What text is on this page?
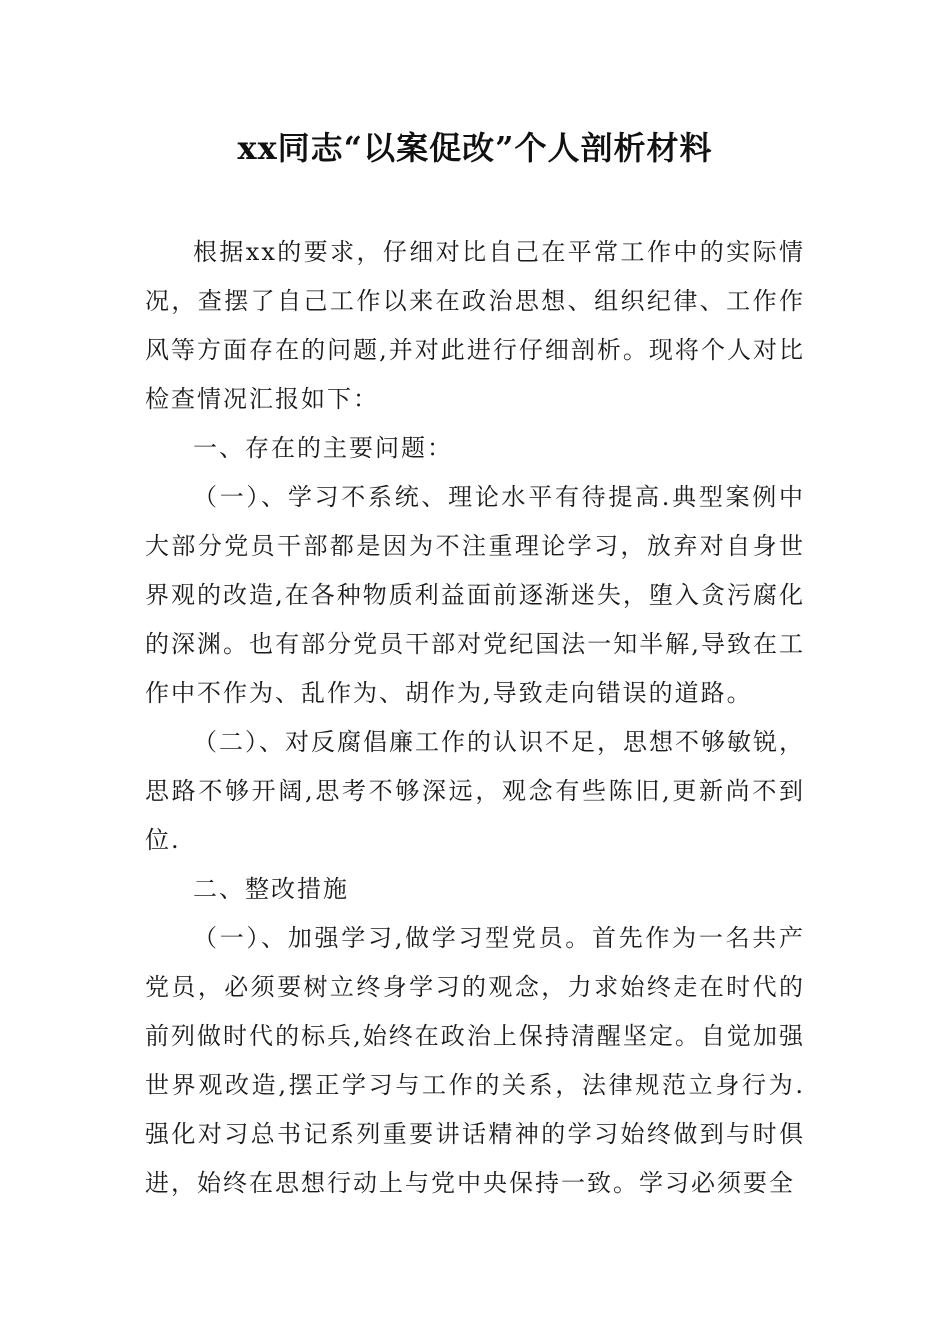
xx同志“以案促改”个人剖析材料

根据xx的要求，仔细对比自己在平常工作中的实际情况，查摆了自己工作以来在政治思想、组织纪律、工作作风等方面存在的问题,并对此进行仔细剖析。现将个人对比检查情况汇报如下：

一、存在的主要问题：

（一）、学习不系统、理论水平有待提高.典型案例中大部分党员干部都是因为不注重理论学习，放弃对自身世界观的改造,在各种物质利益面前逐渐迷失，堕入贪污腐化的深渊。也有部分党员干部对党纪国法一知半解,导致在工作中不作为、乱作为、胡作为,导致走向错误的道路。

（二）、对反腐倡廉工作的认识不足，思想不够敏锐，思路不够开阔,思考不够深远，观念有些陈旧,更新尚不到位.

二、整改措施

（一）、加强学习,做学习型党员。首先作为一名共产党员，必须要树立终身学习的观念，力求始终走在时代的前列做时代的标兵,始终在政治上保持清醒坚定。自觉加强世界观改造,摆正学习与工作的关系，法律规范立身行为.强化对习总书记系列重要讲话精神的学习始终做到与时俱进，始终在思想行动上与党中央保持一致。学习必须要全
